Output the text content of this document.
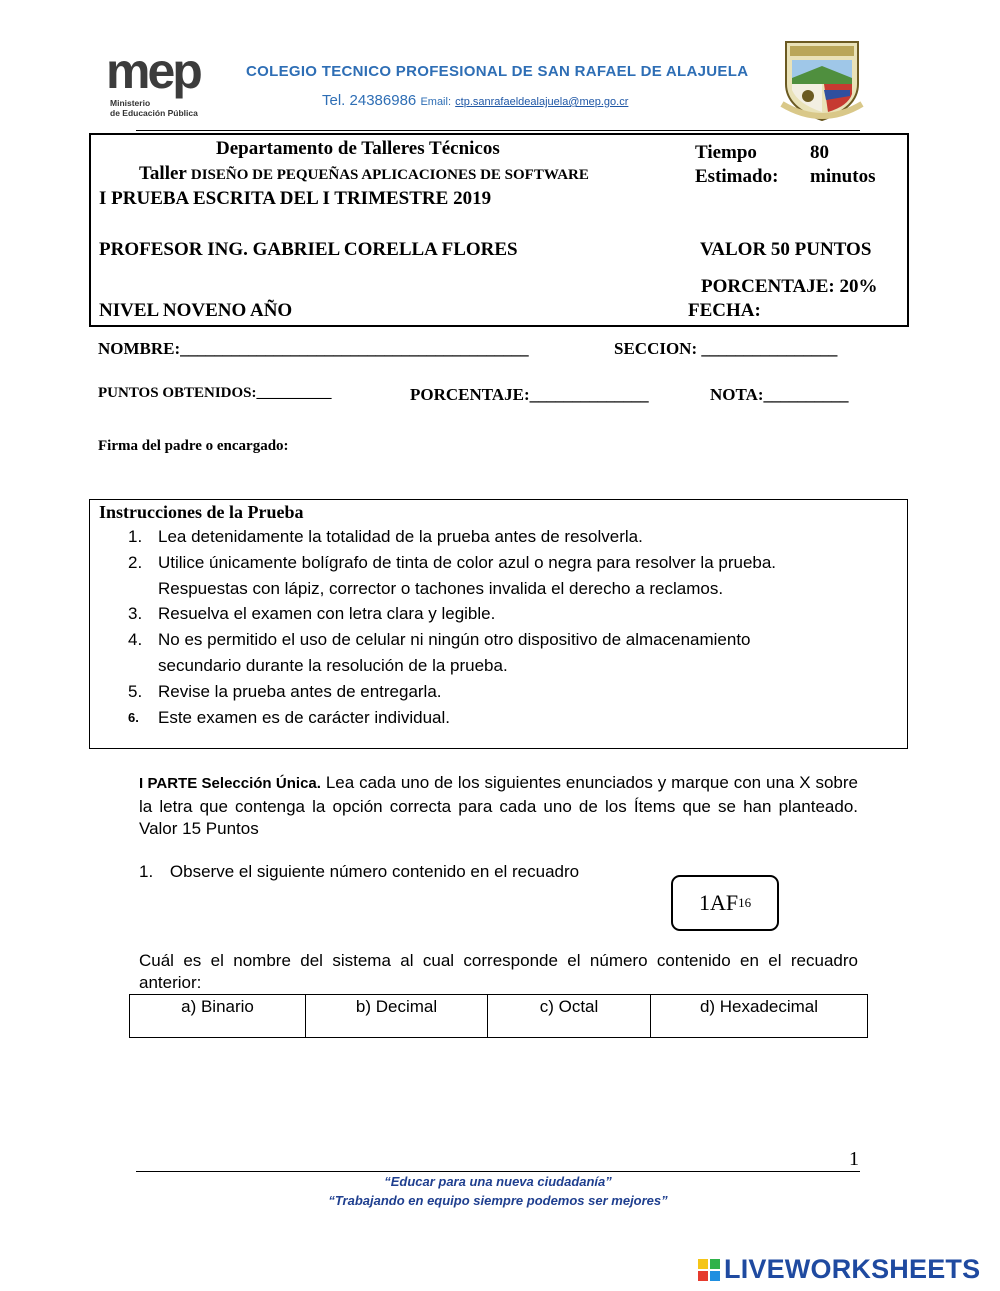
mep
Ministerio
de Educación Pública
COLEGIO TECNICO PROFESIONAL DE SAN RAFAEL DE ALAJUELA
Tel. 24386986 Email: ctp.sanrafaeldealajuela@mep.go.cr
Departamento de Talleres Técnicos
Taller DISEÑO DE PEQUEÑAS APLICACIONES DE SOFTWARE
I PRUEBA ESCRITA DEL I TRIMESTRE 2019
PROFESOR ING. GABRIEL CORELLA FLORES
NIVEL NOVENO AÑO
Tiempo	80
Estimado: minutos
VALOR 50 PUNTOS
PORCENTAJE: 20%
FECHA:
NOMBRE:_________________________________________	SECCION: ________________
PUNTOS OBTENIDOS:__________	PORCENTAJE:______________	NOTA:__________
Firma del padre o encargado:
Instrucciones de la Prueba
1. Lea detenidamente la totalidad de la prueba antes de resolverla.
2. Utilice únicamente bolígrafo de tinta de color azul o negra para resolver la prueba.
Respuestas con lápiz, corrector o tachones invalida el derecho a reclamos.
3. Resuelva el examen con letra clara y legible.
4. No es permitido el uso de celular ni ningún otro dispositivo de almacenamiento
secundario durante la resolución de la prueba.
5. Revise la prueba antes de entregarla.
6. Este examen es de carácter individual.
I PARTE Selección Única. Lea cada uno de los siguientes enunciados y marque con una X sobre la letra que contenga la opción correcta para cada uno de los Ítems que se han planteado. Valor 15 Puntos
1. Observe el siguiente número contenido en el recuadro
1AF 16
Cuál es el nombre del sistema al cual corresponde el número contenido en el recuadro anterior:
a) Binario	b) Decimal	c) Octal	d) Hexadecimal
1
“Educar para una nueva ciudadanía”
“Trabajando en equipo siempre podemos ser mejores”
LIVEWORKSHEETS
